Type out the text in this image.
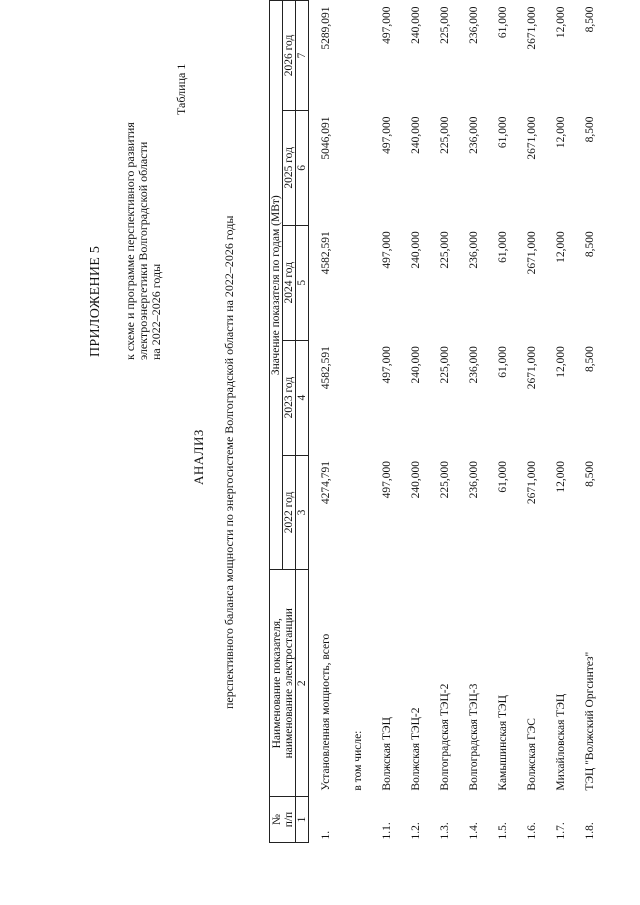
ПРИЛОЖЕНИЕ 5 к схеме и программе перспективного развития электроэнергетики Волгоградской области на 2022–2026 годы
Таблица 1
АНАЛИЗ перспективного баланса мощности по энергосистеме Волгоградской области на 2022–2026 годы
№
п/п	Наименование показателя,
наименование электростанции	Значение показателя по годам (МВт)				
		2022 год	2023 год	2024 год	2025 год	2026 год
1	2	3	4	5	6	7
1.	Установленная мощность, всего	4274,791	4582,591	4582,591	5046,091	5289,091
	в том числе:					
1.1.	Волжская ТЭЦ	497,000	497,000	497,000	497,000	497,000
1.2.	Волжская ТЭЦ-2	240,000	240,000	240,000	240,000	240,000
1.3.	Волгоградская ТЭЦ-2	225,000	225,000	225,000	225,000	225,000
1.4.	Волгоградская ТЭЦ-3	236,000	236,000	236,000	236,000	236,000
1.5.	Камышинская ТЭЦ	61,000	61,000	61,000	61,000	61,000
1.6.	Волжская ГЭС	2671,000	2671,000	2671,000	2671,000	2671,000
1.7.	Михайловская ТЭЦ	12,000	12,000	12,000	12,000	12,000
1.8.	ТЭЦ "Волжский Оргсинтез"	8,500	8,500	8,500	8,500	8,500
